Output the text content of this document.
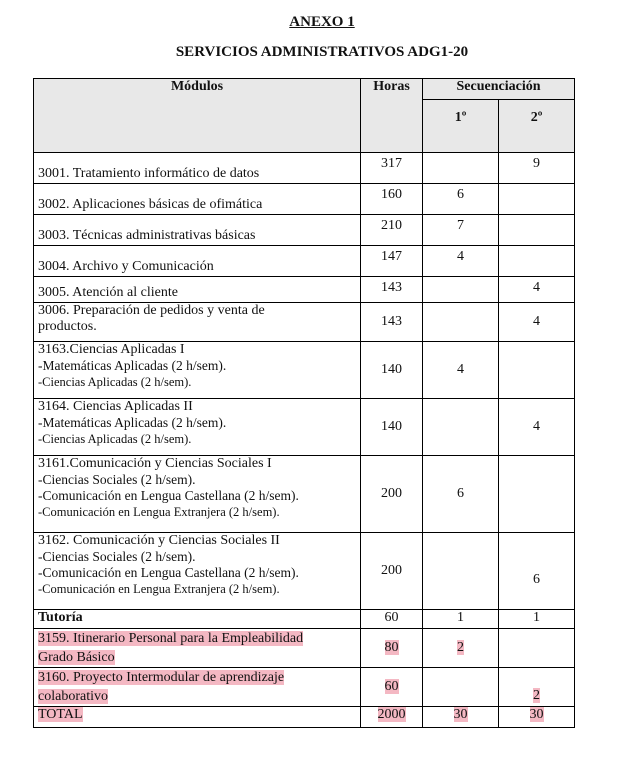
ANEXO 1
SERVICIOS ADMINISTRATIVOS ADG1-20
Módulos	Horas	Secuenciación	
		1º	2º

3001. Tratamiento informático de datos	317		9

3002. Aplicaciones básicas de ofimática	160	6	

3003. Técnicas administrativas básicas	210	7	

3004. Archivo y Comunicación	147	4	

3005. Atención al cliente	143		4

3006. Preparación de pedidos y venta de
productos.	143		4

3163.Ciencias Aplicadas I
-Matemáticas Aplicadas (2 h/sem).
-Ciencias Aplicadas (2 h/sem).	140	4	

3164. Ciencias Aplicadas II
-Matemáticas Aplicadas (2 h/sem).
-Ciencias Aplicadas (2 h/sem).	140		4

3161.Comunicación y Ciencias Sociales I
-Ciencias Sociales (2 h/sem).
-Comunicación en Lengua Castellana (2 h/sem).
-Comunicación en Lengua Extranjera (2 h/sem).	200	6	

3162. Comunicación y Ciencias Sociales II
-Ciencias Sociales (2 h/sem).
-Comunicación en Lengua Castellana (2 h/sem).
-Comunicación en Lengua Extranjera (2 h/sem).	200		6
Tutoría	60	1	1
3159. Itinerario Personal para la Empleabilidad
Grado Básico	80	2	
3160. Proyecto Intermodular de aprendizaje
colaborativo	60		2
TOTAL	2000	30	30
